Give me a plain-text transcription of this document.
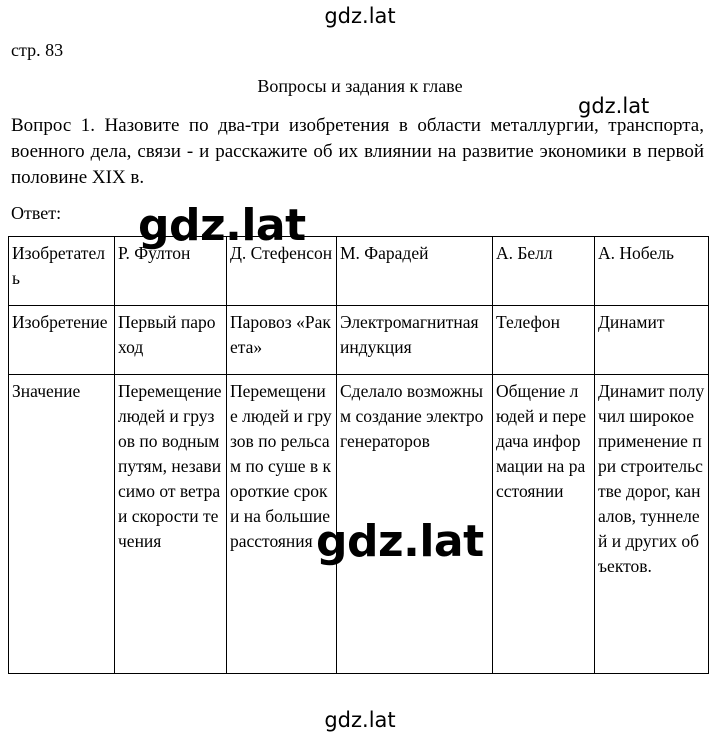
gdz.lat
стр. 83
Вопросы и задания к главе
gdz.lat
Вопрос 1. Назовите по два-три изобретения в области металлургии, транспорта, военного дела, связи - и расскажите об их влиянии на развитие экономики в первой половине XIX в.
Ответ:
Изобретатель	Р. Фултон	Д. Стефенсон	М. Фарадей	А. Белл	А. Нобель
Изобретение	Первый пароход	Паровоз «Ракета»	Электромагнитная индукция	Телефон	Динамит
Значение	Перемещение людей и грузов по водным путям, независимо от ветра и скорости течения	Перемещение людей и грузов по рельсам по суше в короткие сроки на большие расстояния	Сделало возможным создание электрогенераторов	Общение людей и передача информации на расстоянии	Динамит получил широкое применение при строительстве дорог, каналов, туннелей и других объектов.
gdz.lat
gdz.lat
gdz.lat
